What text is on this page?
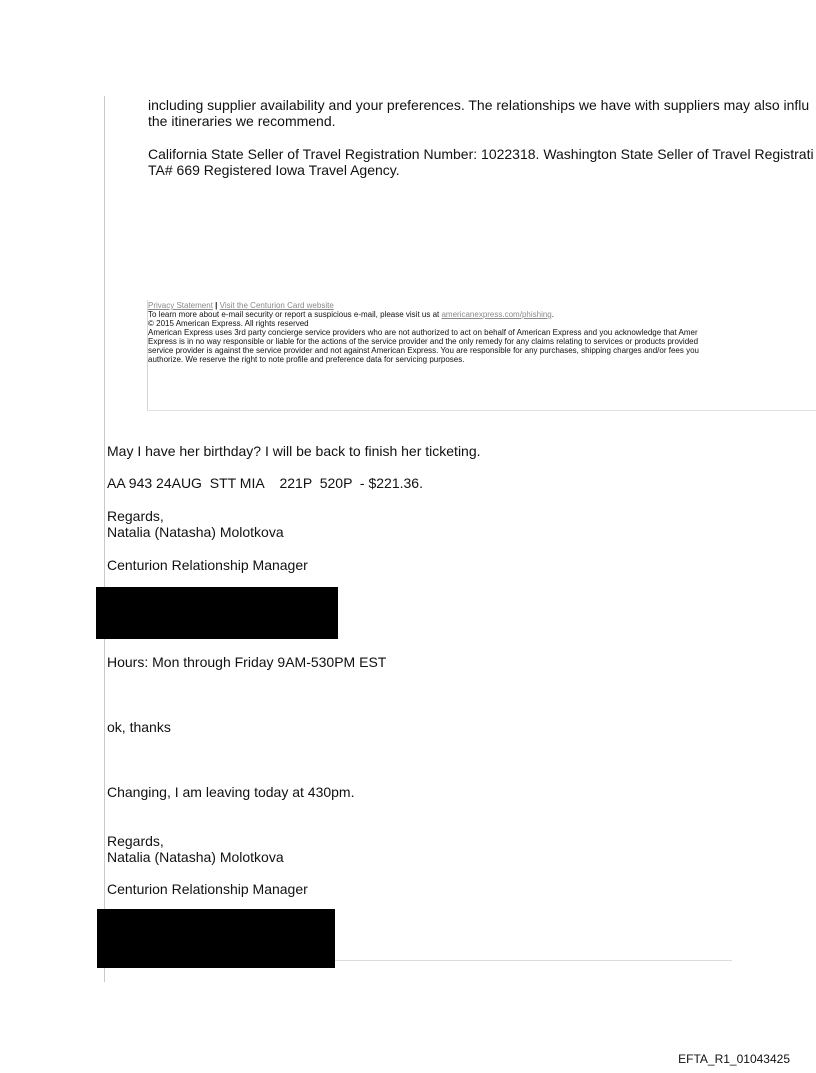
including supplier availability and your preferences. The relationships we have with suppliers may also influ

the itineraries we recommend.

California State Seller of Travel Registration Number: 1022318. Washington State Seller of Travel Registrati

TA# 669 Registered Iowa Travel Agency.

Privacy Statement | Visit the Centurion Card website

To learn more about e-mail security or report a suspicious e-mail, please visit us at americanexpress.com/phishing.

© 2015 American Express. All rights reserved

American Express uses 3rd party concierge service providers who are not authorized to act on behalf of American Express and you acknowledge that Amer

Express is in no way responsible or liable for the actions of the service provider and the only remedy for any claims relating to services or products provided

service provider is against the service provider and not against American Express. You are responsible for any purchases, shipping charges and/or fees you

authorize. We reserve the right to note profile and preference data for servicing purposes.

May I have her birthday? I will be back to finish her ticketing.

AA 943 24AUG  STT MIA    221P  520P  - $221.36.

Regards,

Natalia (Natasha) Molotkova

Centurion Relationship Manager

Hours: Mon through Friday 9AM-530PM EST

ok, thanks

Changing, I am leaving today at 430pm.

Regards,

Natalia (Natasha) Molotkova

Centurion Relationship Manager

EFTA_R1_01043425
